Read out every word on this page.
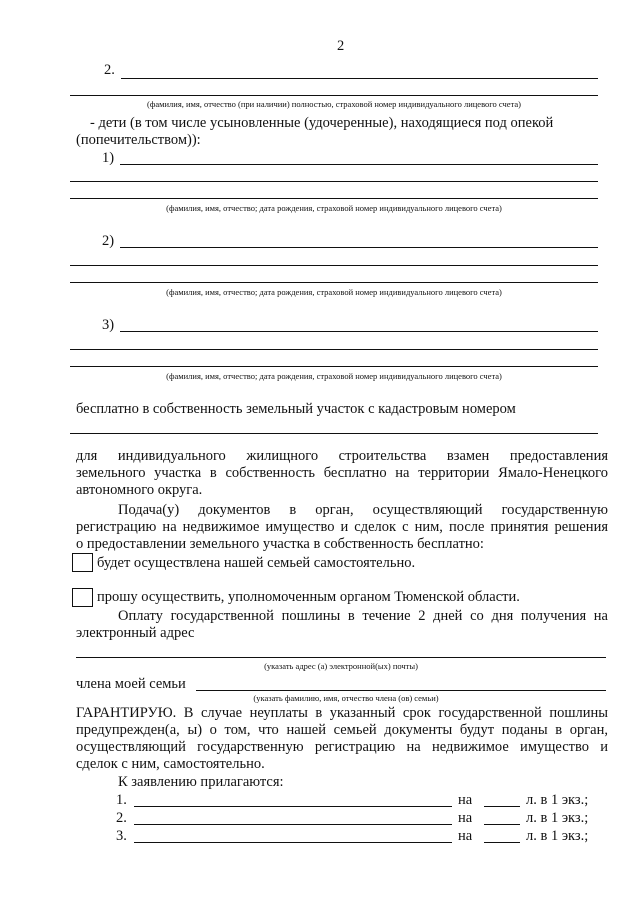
2
2.
(фамилия, имя, отчество (при наличии) полностью, страховой номер индивидуального лицевого счета)
- дети (в том числе усыновленные (удочеренные), находящиеся под опекой
(попечительством)):
1)
(фамилия, имя, отчество; дата рождения, страховой номер индивидуального лицевого счета)
2)
(фамилия, имя, отчество; дата рождения, страховой номер индивидуального лицевого счета)
3)
(фамилия, имя, отчество; дата рождения, страховой номер индивидуального лицевого счета)
бесплатно в собственность земельный участок с кадастровым номером
для индивидуального жилищного строительства взамен предоставления
земельного участка в собственность бесплатно на территории Ямало-Ненецкого
автономного округа.
Подача(у) документов в орган, осуществляющий государственную
регистрацию на недвижимое имущество и сделок с ним, после принятия решения
о предоставлении земельного участка в собственность бесплатно:
будет осуществлена нашей семьей самостоятельно.
прошу осуществить, уполномоченным органом Тюменской области.
Оплату государственной пошлины в течение 2 дней со дня получения на
электронный адрес
(указать адрес (а) электронной(ых) почты)
члена моей семьи
(указать фамилию, имя, отчество члена (ов) семьи)
ГАРАНТИРУЮ. В случае неуплаты в указанный срок государственной пошлины
предупрежден(а, ы) о том, что нашей семьей документы будут поданы в орган,
осуществляющий государственную регистрацию на недвижимое имущество и
сделок с ним, самостоятельно.
К заявлению прилагаются:
1.	на	л. в 1 экз.;
2.	на	л. в 1 экз.;
3.	на	л. в 1 экз.;
